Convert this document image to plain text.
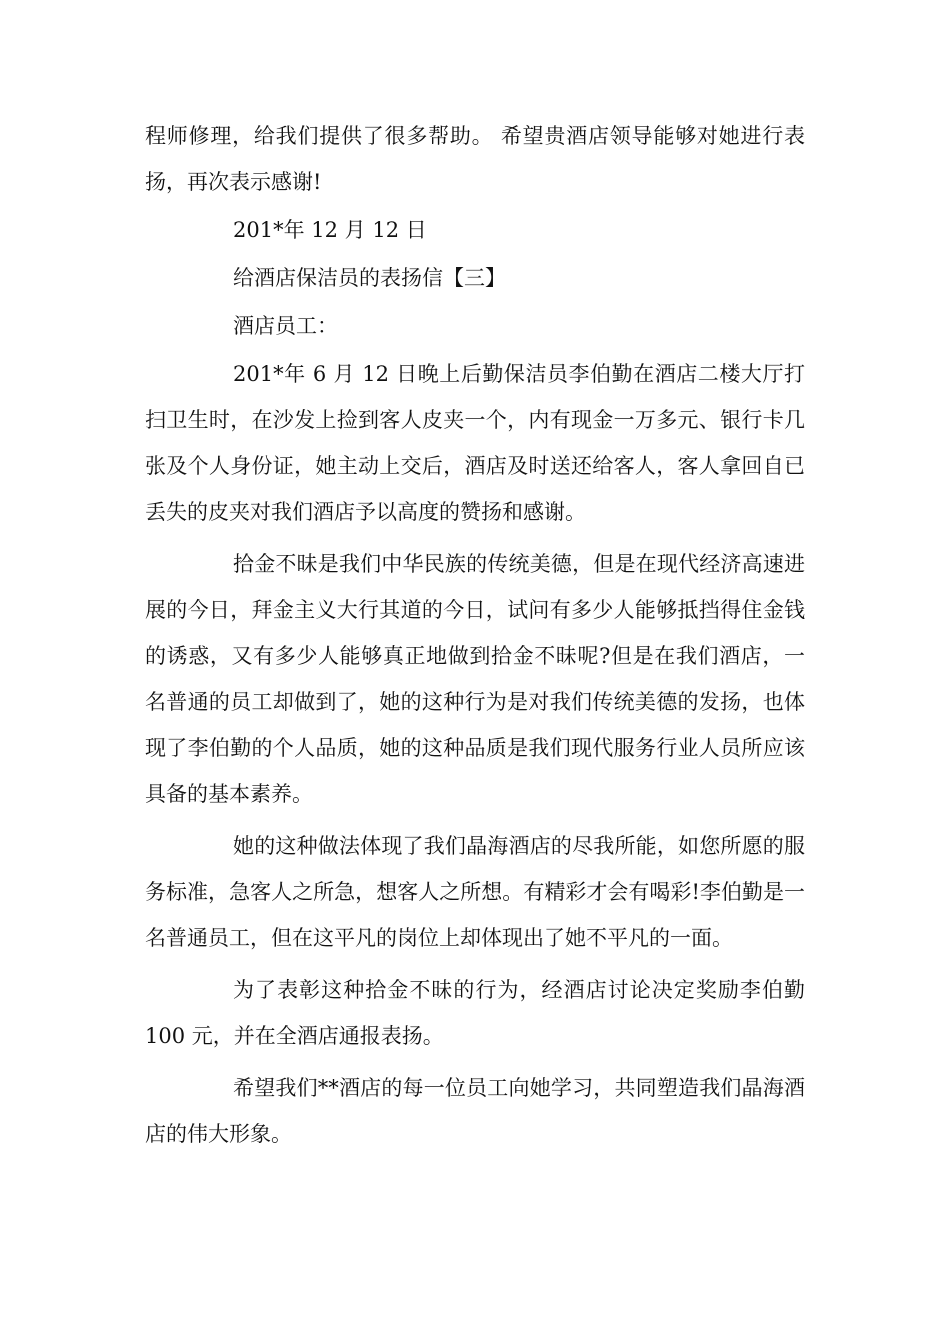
程师修理，给我们提供了很多帮助。 希望贵酒店领导能够对她进行表扬，再次表示感谢!

201*年 12 月 12 日

给酒店保洁员的表扬信【三】

酒店员工：

201*年 6 月 12 日晚上后勤保洁员李伯勤在酒店二楼大厅打扫卫生时，在沙发上捡到客人皮夹一个，内有现金一万多元、银行卡几张及个人身份证，她主动上交后，酒店及时送还给客人，客人拿回自已丢失的皮夹对我们酒店予以高度的赞扬和感谢。

拾金不昧是我们中华民族的传统美德，但是在现代经济高速进展的今日，拜金主义大行其道的今日，试问有多少人能够抵挡得住金钱的诱惑，又有多少人能够真正地做到拾金不昧呢?但是在我们酒店，一名普通的员工却做到了，她的这种行为是对我们传统美德的发扬，也体现了李伯勤的个人品质，她的这种品质是我们现代服务行业人员所应该具备的基本素养。

她的这种做法体现了我们晶海酒店的尽我所能，如您所愿的服务标准，急客人之所急，想客人之所想。有精彩才会有喝彩!李伯勤是一名普通员工，但在这平凡的岗位上却体现出了她不平凡的一面。

为了表彰这种拾金不昧的行为，经酒店讨论决定奖励李伯勤 100 元，并在全酒店通报表扬。

希望我们**酒店的每一位员工向她学习，共同塑造我们晶海酒店的伟大形象。
